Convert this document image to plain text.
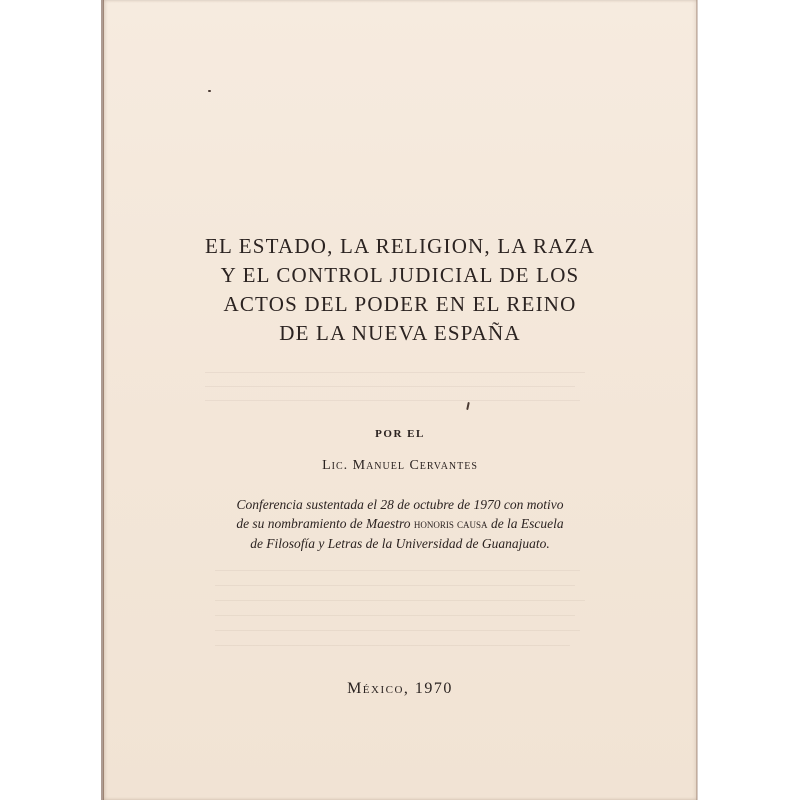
EL ESTADO, LA RELIGION, LA RAZA
Y EL CONTROL JUDICIAL DE LOS
ACTOS DEL PODER EN EL REINO
DE LA NUEVA ESPAÑA
POR EL
Lic. Manuel Cervantes
Conferencia sustentada el 28 de octubre de 1970 con motivo
de su nombramiento de Maestro honoris causa de la Escuela
de Filosofía y Letras de la Universidad de Guanajuato.
México, 1970
